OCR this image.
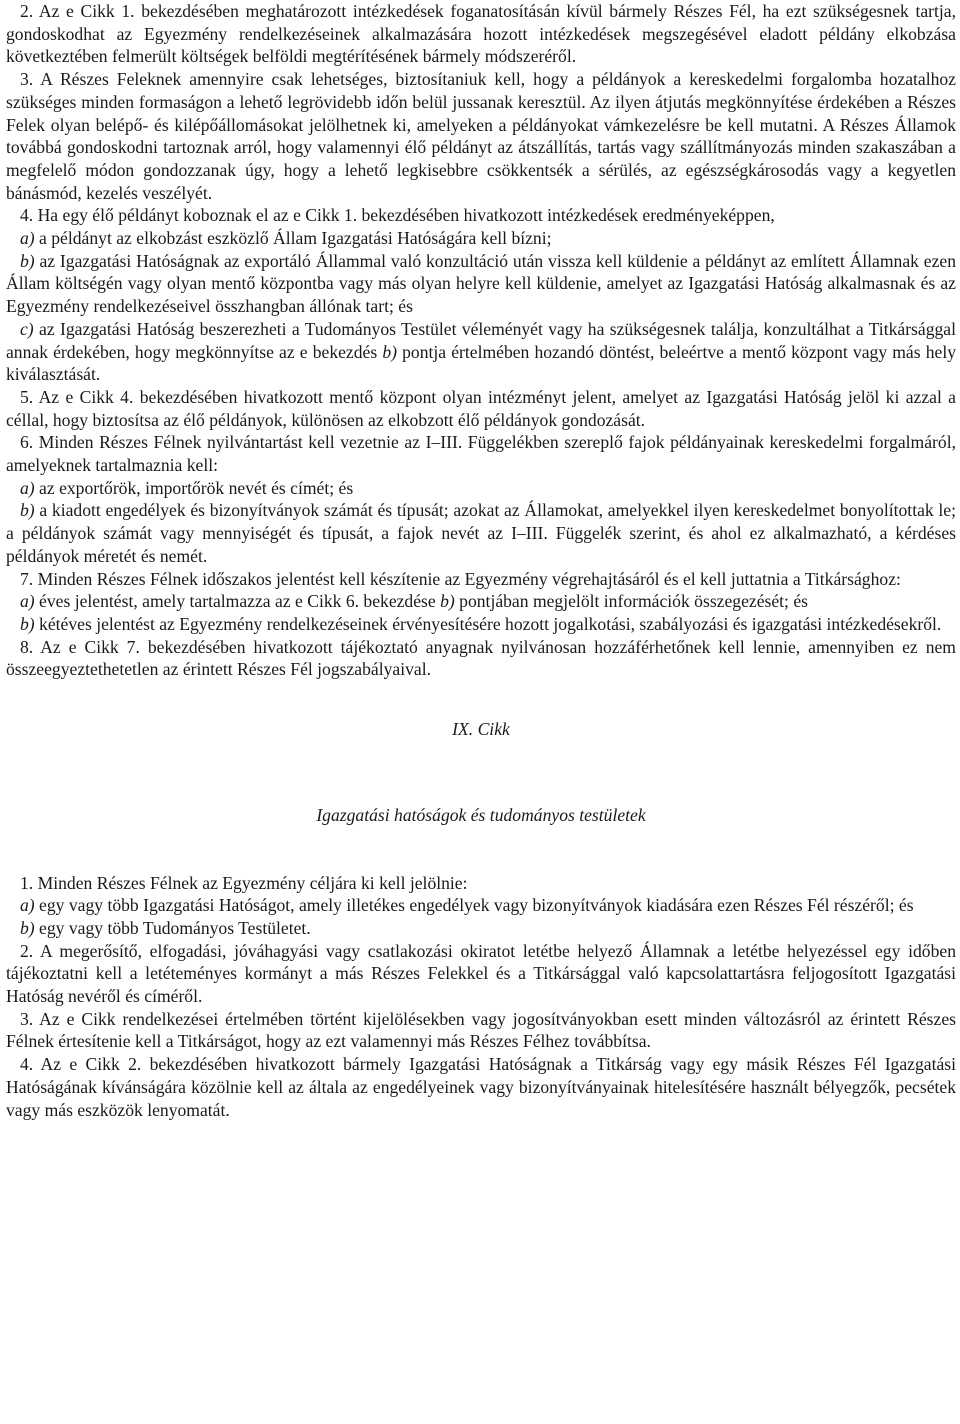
2. Az e Cikk 1. bekezdésében meghatározott intézkedések foganatosításán kívül bármely Részes Fél, ha ezt szükségesnek tartja, gondoskodhat az Egyezmény rendelkezéseinek alkalmazására hozott intézkedések megszegésével eladott példány elkobzása következtében felmerült költségek belföldi megtérítésének bármely módszeréről.

3. A Részes Feleknek amennyire csak lehetséges, biztosítaniuk kell, hogy a példányok a kereskedelmi forgalomba hozatalhoz szükséges minden formaságon a lehető legrövidebb időn belül jussanak keresztül. Az ilyen átjutás megkönnyítése érdekében a Részes Felek olyan belépő- és kilépőállomásokat jelölhetnek ki, amelyeken a példányokat vámkezelésre be kell mutatni. A Részes Államok továbbá gondoskodni tartoznak arról, hogy valamennyi élő példányt az átszállítás, tartás vagy szállítmányozás minden szakaszában a megfelelő módon gondozzanak úgy, hogy a lehető legkisebbre csökkentsék a sérülés, az egészségkárosodás vagy a kegyetlen bánásmód, kezelés veszélyét.

4. Ha egy élő példányt koboznak el az e Cikk 1. bekezdésében hivatkozott intézkedések eredményeképpen,

a) a példányt az elkobzást eszközlő Állam Igazgatási Hatóságára kell bízni;

b) az Igazgatási Hatóságnak az exportáló Állammal való konzultáció után vissza kell küldenie a példányt az említett Államnak ezen Állam költségén vagy olyan mentő központba vagy más olyan helyre kell küldenie, amelyet az Igazgatási Hatóság alkalmasnak és az Egyezmény rendelkezéseivel összhangban állónak tart; és

c) az Igazgatási Hatóság beszerezheti a Tudományos Testület véleményét vagy ha szükségesnek találja, konzultálhat a Titkársággal annak érdekében, hogy megkönnyítse az e bekezdés b) pontja értelmében hozandó döntést, beleértve a mentő központ vagy más hely kiválasztását.

5. Az e Cikk 4. bekezdésében hivatkozott mentő központ olyan intézményt jelent, amelyet az Igazgatási Hatóság jelöl ki azzal a céllal, hogy biztosítsa az élő példányok, különösen az elkobzott élő példányok gondozását.

6. Minden Részes Félnek nyilvántartást kell vezetnie az I–III. Függelékben szereplő fajok példányainak kereskedelmi forgalmáról, amelyeknek tartalmaznia kell:

a) az exportőrök, importőrök nevét és címét; és

b) a kiadott engedélyek és bizonyítványok számát és típusát; azokat az Államokat, amelyekkel ilyen kereskedelmet bonyolítottak le; a példányok számát vagy mennyiségét és típusát, a fajok nevét az I–III. Függelék szerint, és ahol ez alkalmazható, a kérdéses példányok méretét és nemét.

7. Minden Részes Félnek időszakos jelentést kell készítenie az Egyezmény végrehajtásáról és el kell juttatnia a Titkársághoz:

a) éves jelentést, amely tartalmazza az e Cikk 6. bekezdése b) pontjában megjelölt információk összegezését; és

b) kétéves jelentést az Egyezmény rendelkezéseinek érvényesítésére hozott jogalkotási, szabályozási és igazgatási intézkedésekről.

8. Az e Cikk 7. bekezdésében hivatkozott tájékoztató anyagnak nyilvánosan hozzáférhetőnek kell lennie, amennyiben ez nem összeegyeztethetetlen az érintett Részes Fél jogszabályaival.

IX. Cikk

Igazgatási hatóságok és tudományos testületek

1. Minden Részes Félnek az Egyezmény céljára ki kell jelölnie:

a) egy vagy több Igazgatási Hatóságot, amely illetékes engedélyek vagy bizonyítványok kiadására ezen Részes Fél részéről; és

b) egy vagy több Tudományos Testületet.

2. A megerősítő, elfogadási, jóváhagyási vagy csatlakozási okiratot letétbe helyező Államnak a letétbe helyezéssel egy időben tájékoztatni kell a letéteményes kormányt a más Részes Felekkel és a Titkársággal való kapcsolattartásra feljogosított Igazgatási Hatóság nevéről és címéről.

3. Az e Cikk rendelkezései értelmében történt kijelölésekben vagy jogosítványokban esett minden változásról az érintett Részes Félnek értesítenie kell a Titkárságot, hogy az ezt valamennyi más Részes Félhez továbbítsa.

4. Az e Cikk 2. bekezdésében hivatkozott bármely Igazgatási Hatóságnak a Titkárság vagy egy másik Részes Fél Igazgatási Hatóságának kívánságára közölnie kell az általa az engedélyeinek vagy bizonyítványainak hitelesítésére használt bélyegzők, pecsétek vagy más eszközök lenyomatát.
